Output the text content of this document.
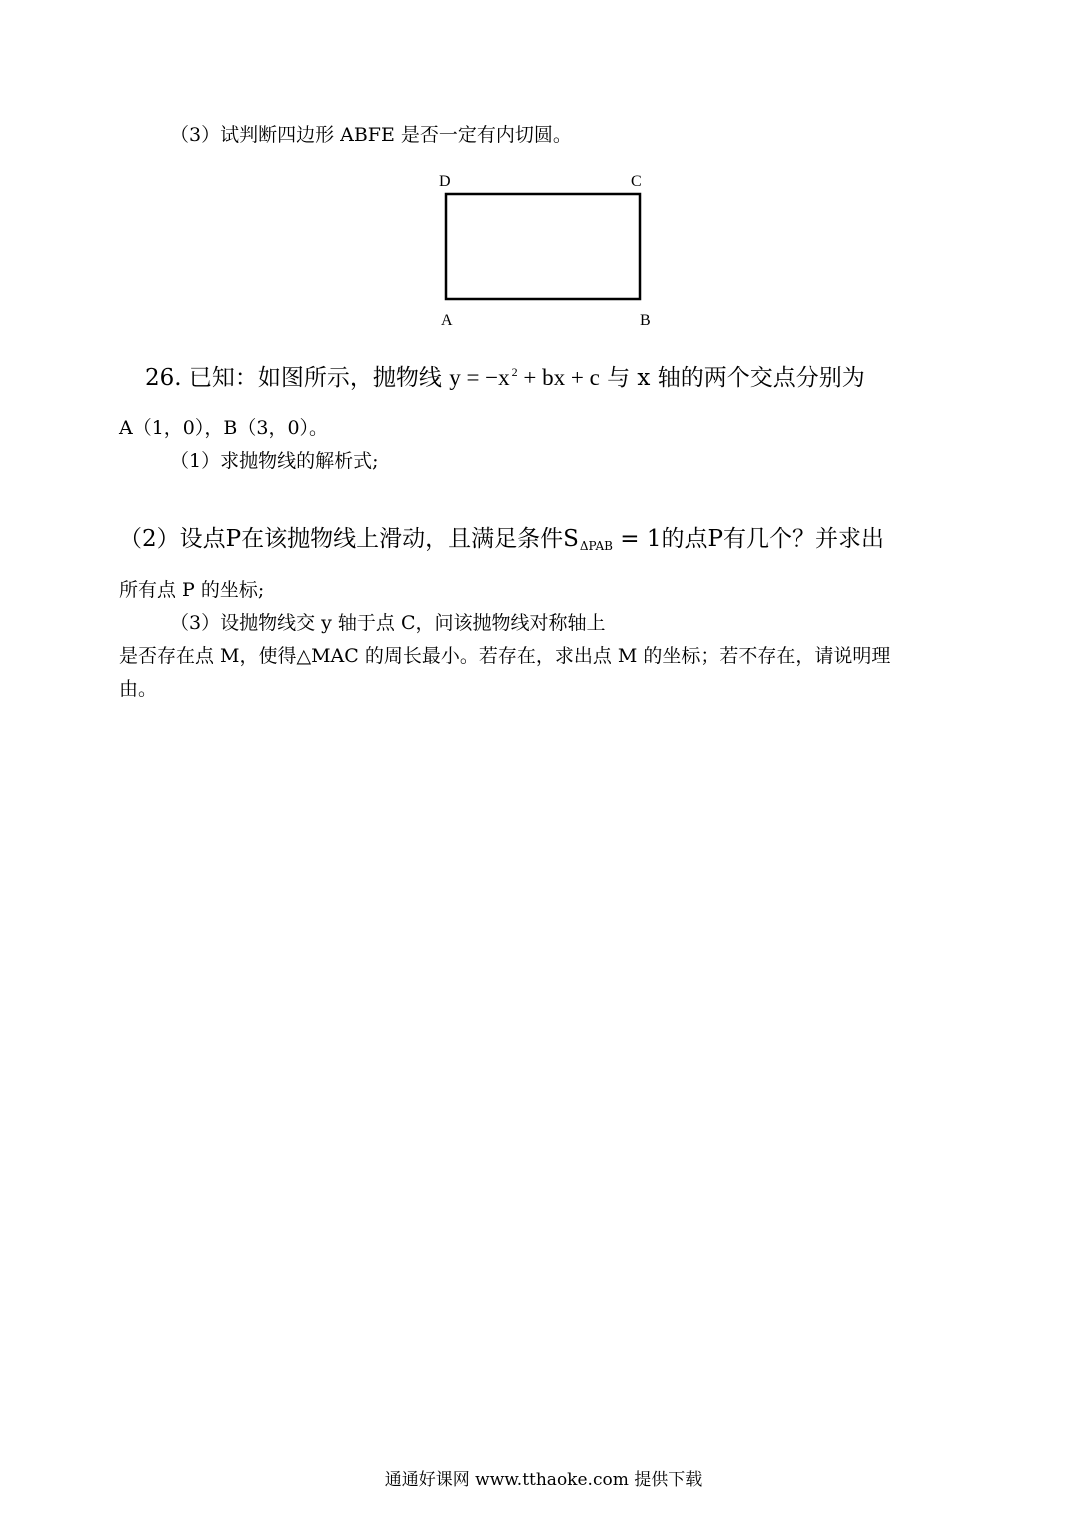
（3）试判断四边形 ABFE 是否一定有内切圆。
D	C
A	B
26. 已知：如图所示，抛物线 y = −x $^2$ + bx + c 与 x 轴的两个交点分别为
A（1，0），B（3，0）。
（1）求抛物线的解析式;
（2）设点P在该抛物线上滑动，且满足条件$S_{\Delta PAB} = 1$的点P有几个？并求出
所有点 P 的坐标;
（3）设抛物线交 y 轴于点 C，问该抛物线对称轴上
是否存在点 M，使得△MAC 的周长最小。若存在，求出点 M 的坐标；若不存在，请说明理
由。
通通好课网 www.tthaoke.com 提供下载
